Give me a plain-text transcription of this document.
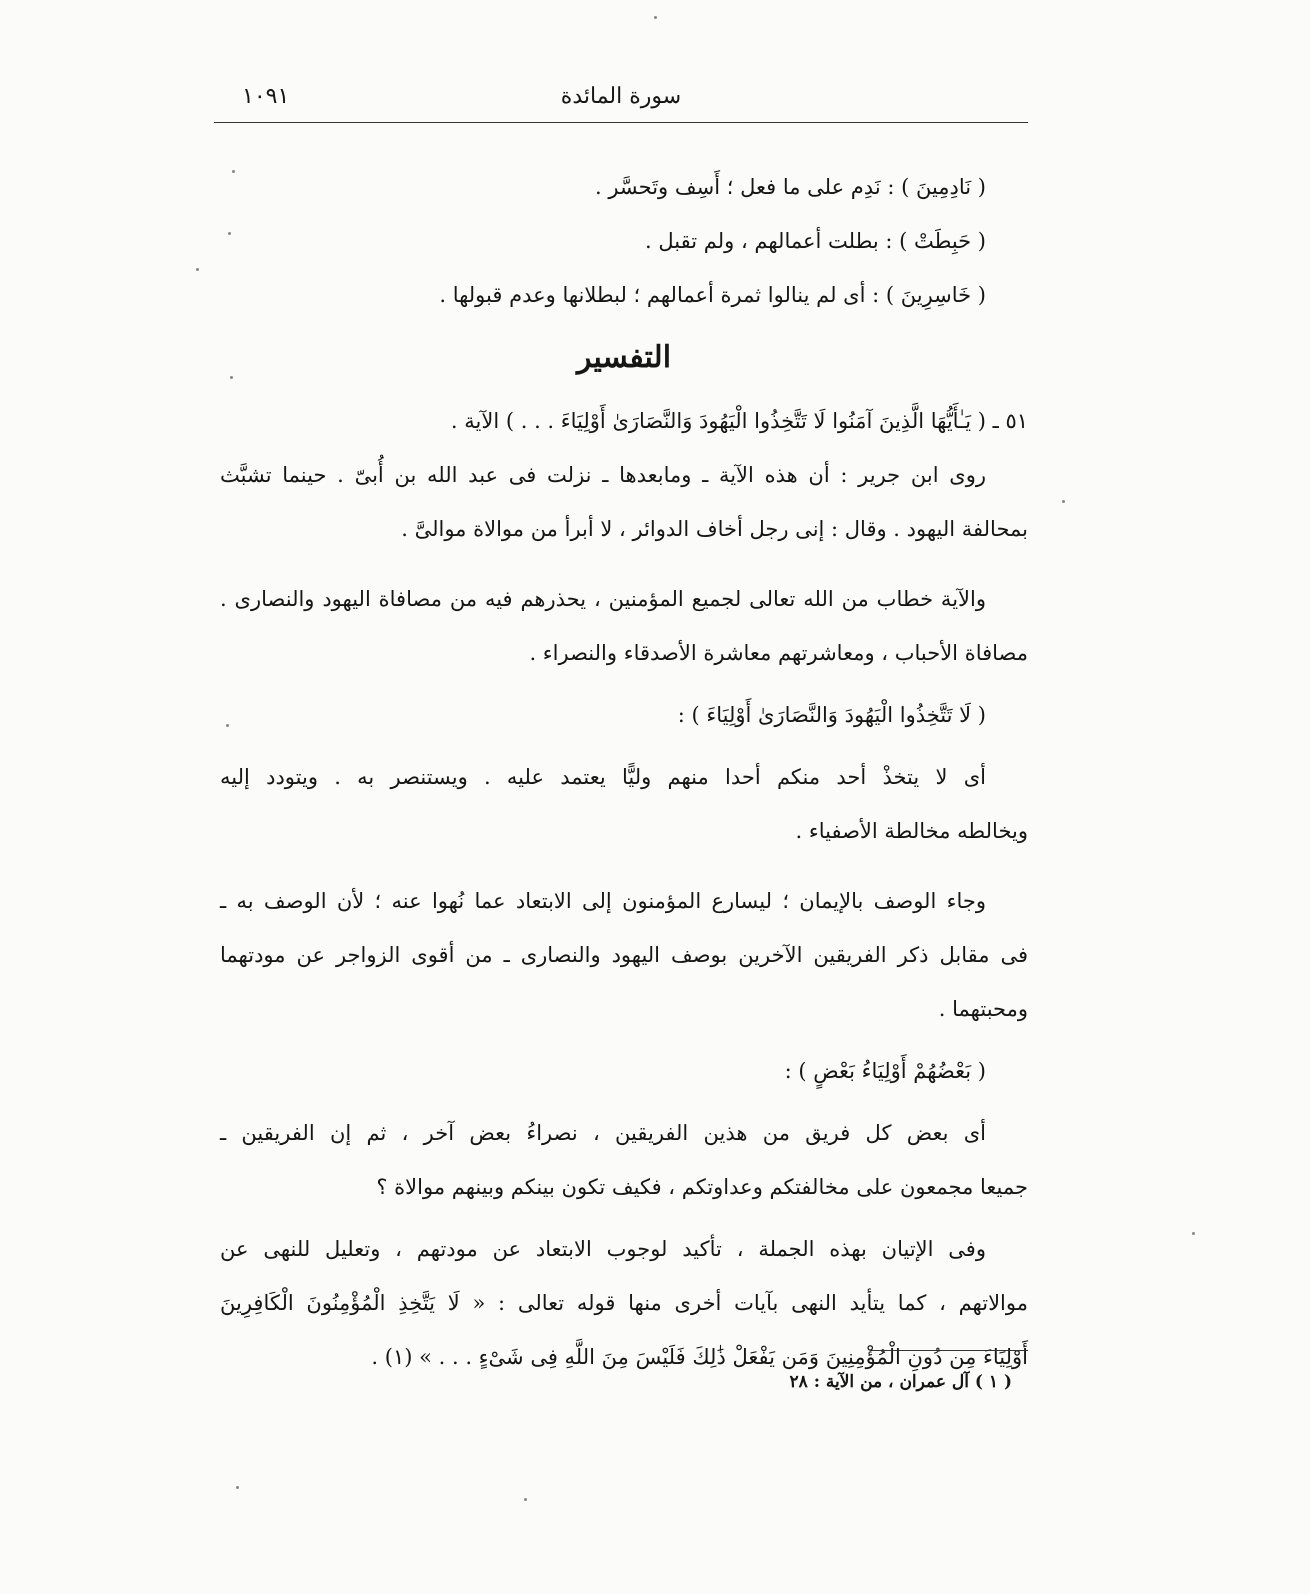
سورة المائدة
١٠٩١
( نَادِمِينَ ) : نَدِم على ما فعل ؛ أَسِف وتَحسَّر .
( حَبِطَتْ ) : بطلت أعمالهم ، ولم تقبل .
( خَاسِرِينَ ) : أى لم ينالوا ثمرة أعمالهم ؛ لبطلانها وعدم قبولها .
التفسير
٥١ ـ ( يَـٰأَيُّهَا الَّذِينَ آمَنُوا لَا تَتَّخِذُوا الْيَهُودَ وَالنَّصَارَىٰ أَوْلِيَاءَ . . . ) الآية .
روى ابن جرير : أن هذه الآية ـ ومابعدها ـ نزلت فى عبد الله بن أُبىّ . حينما تشبَّث
بمحالفة اليهود . وقال : إنى رجل أخاف الدوائر ، لا أبرأ من موالاة موالىَّ .
والآية خطاب من الله تعالى لجميع المؤمنين ، يحذرهم فيه من مصافاة اليهود والنصارى .
مصافاة الأحباب ، ومعاشرتهم معاشرة الأصدقاء والنصراء .
( لَا تَتَّخِذُوا الْيَهُودَ وَالنَّصَارَىٰ أَوْلِيَاءَ ) :
أى لا يتخذْ أحد منكم أحدا منهم وليًّا يعتمد عليه . ويستنصر به . ويتودد إليه
ويخالطه مخالطة الأصفياء .
وجاء الوصف بالإيمان ؛ ليسارع المؤمنون إلى الابتعاد عما نُهوا عنه ؛ لأن الوصف به ـ
فى مقابل ذكر الفريقين الآخرين بوصف اليهود والنصارى ـ من أقوى الزواجر عن مودتهما
ومحبتهما .
( بَعْضُهُمْ أَوْلِيَاءُ بَعْضٍ ) :
أى بعض كل فريق من هذين الفريقين ، نصراءُ بعض آخر ، ثم إن الفريقين ـ
جميعا مجمعون على مخالفتكم وعداوتكم ، فكيف تكون بينكم وبينهم موالاة ؟
وفى الإتيان بهذه الجملة ، تأكيد لوجوب الابتعاد عن مودتهم ، وتعليل للنهى عن
موالاتهم ، كما يتأيد النهى بآيات أخرى منها قوله تعالى : « لَا يَتَّخِذِ الْمُؤْمِنُونَ الْكَافِرِينَ
أَوْلِيَاءَ مِن دُونِ الْمُؤْمِنِينَ وَمَن يَفْعَلْ ذَٰلِكَ فَلَيْسَ مِنَ اللَّهِ فِى شَىْءٍ . . . » (١) .
( ١ ) آل عمران ، من الآية : ٢٨
